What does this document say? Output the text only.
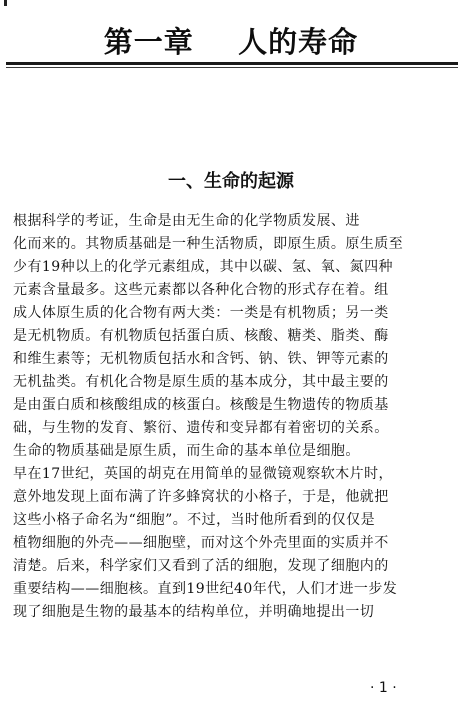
第一章    人的寿命
一、生命的起源
根据科学的考证，生命是由无生命的化学物质发展、进
化而来的。其物质基础是一种生活物质，即原生质。原生质至
少有19种以上的化学元素组成，其中以碳、氢、氧、氮四种
元素含量最多。这些元素都以各种化合物的形式存在着。组
成人体原生质的化合物有两大类：一类是有机物质；另一类
是无机物质。有机物质包括蛋白质、核酸、糖类、脂类、酶
和维生素等；无机物质包括水和含钙、钠、铁、钾等元素的
无机盐类。有机化合物是原生质的基本成分，其中最主要的
是由蛋白质和核酸组成的核蛋白。核酸是生物遗传的物质基
础，与生物的发育、繁衍、遗传和变异都有着密切的关系。
生命的物质基础是原生质，而生命的基本单位是细胞。
早在17世纪，英国的胡克在用简单的显微镜观察软木片时，
意外地发现上面布满了许多蜂窝状的小格子，于是，他就把
这些小格子命名为“细胞”。不过，当时他所看到的仅仅是
植物细胞的外壳——细胞壁，而对这个外壳里面的实质并不
清楚。后来，科学家们又看到了活的细胞，发现了细胞内的
重要结构——细胞核。直到19世纪40年代，人们才进一步发
现了细胞是生物的最基本的结构单位，并明确地提出一切
· 1 ·
